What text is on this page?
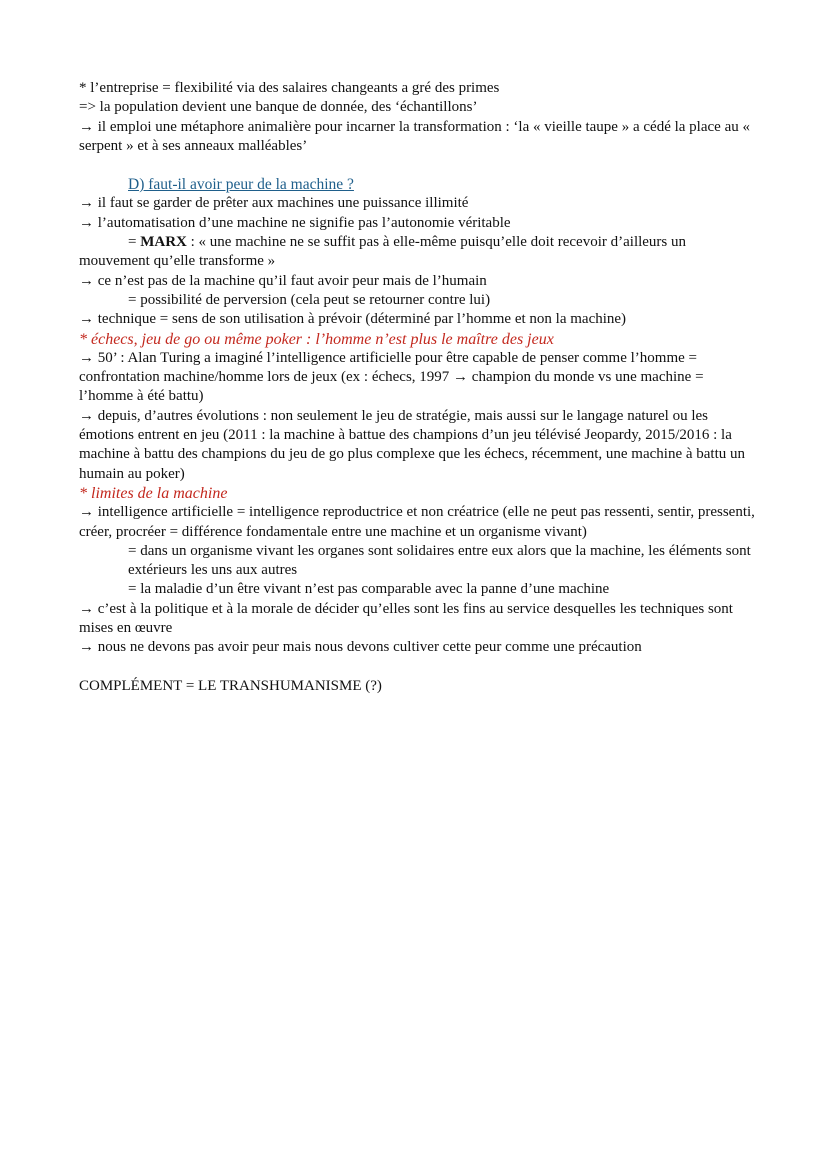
* l’entreprise = flexibilité via des salaires changeants a gré des primes

=> la population devient une banque de donnée, des ‘échantillons’

→ il emploi une métaphore animalière pour incarner la transformation : ‘la « vieille taupe » a cédé la place au « serpent » et à ses anneaux malléables’

D) faut-il avoir peur de la machine ?

→ il faut se garder de prêter aux machines une puissance illimité

→ l’automatisation d’une machine ne signifie pas l’autonomie véritable

= MARX : « une machine ne se suffit pas à elle-même puisqu’elle doit recevoir d’ailleurs un mouvement qu’elle transforme »

→ ce n’est pas de la machine qu’il faut avoir peur mais de l’humain

= possibilité de perversion (cela peut se retourner contre lui)

→ technique = sens de son utilisation à prévoir (déterminé par l’homme et non la machine)

* échecs, jeu de go ou même poker : l’homme n’est plus le maître des jeux

→ 50’ : Alan Turing a imaginé l’intelligence artificielle pour être capable de penser comme l’homme = confrontation machine/homme lors de jeux (ex : échecs, 1997 → champion du monde vs une machine = l’homme à été battu)

→ depuis, d’autres évolutions : non seulement le jeu de stratégie, mais aussi sur le langage naturel ou les émotions entrent en jeu (2011 : la machine à battue des champions d’un jeu télévisé Jeopardy, 2015/2016 : la machine à battu des champions du jeu de go plus complexe que les échecs, récemment, une machine à battu un humain au poker)

* limites de la machine

→ intelligence artificielle = intelligence reproductrice et non créatrice (elle ne peut pas ressenti, sentir, pressenti, créer, procréer = différence fondamentale entre une machine et un organisme vivant)

= dans un organisme vivant les organes sont solidaires entre eux alors que la machine, les éléments sont extérieurs les uns aux autres

= la maladie d’un être vivant n’est pas comparable avec la panne d’une machine

→ c’est à la politique et à la morale de décider qu’elles sont les fins au service desquelles les techniques sont mises en œuvre

→ nous ne devons pas avoir peur mais nous devons cultiver cette peur comme une précaution

COMPLÉMENT = LE TRANSHUMANISME (?)
